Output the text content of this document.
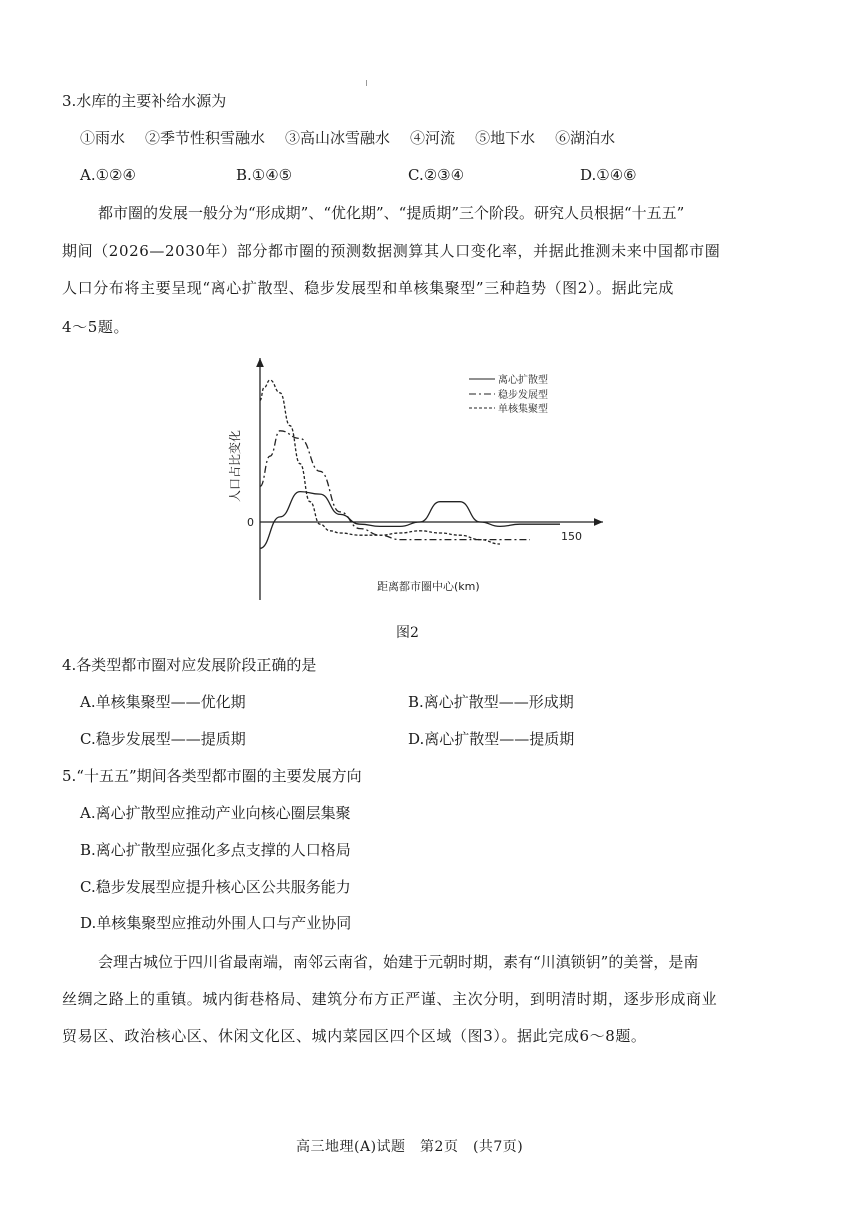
3.水库的主要补给水源为
①雨水 ②季节性积雪融水 ③高山冰雪融水 ④河流 ⑤地下水 ⑥湖泊水
A.①②④	B.①④⑤	C.②③④	D.①④⑥
都市圈的发展一般分为“形成期”、“优化期”、“提质期”三个阶段。研究人员根据“十五五”
期间（2026—2030年）部分都市圈的预测数据测算其人口变化率，并据此推测未来中国都市圈
人口分布将主要呈现“离心扩散型、稳步发展型和单核集聚型”三种趋势（图2）。据此完成
4～5题。
0
150
人口占比变化
距离都市圈中心(km)
离心扩散型
稳步发展型
单核集聚型
图2
4.各类型都市圈对应发展阶段正确的是
A.单核集聚型——优化期	B.离心扩散型——形成期
C.稳步发展型——提质期	D.离心扩散型——提质期
5.“十五五”期间各类型都市圈的主要发展方向
A.离心扩散型应推动产业向核心圈层集聚
B.离心扩散型应强化多点支撑的人口格局
C.稳步发展型应提升核心区公共服务能力
D.单核集聚型应推动外围人口与产业协同
会理古城位于四川省最南端，南邻云南省，始建于元朝时期，素有“川滇锁钥”的美誉，是南
丝绸之路上的重镇。城内街巷格局、建筑分布方正严谨、主次分明，到明清时期，逐步形成商业
贸易区、政治核心区、休闲文化区、城内菜园区四个区域（图3）。据此完成6～8题。
高三地理(A)试题　第2页　(共7页)
